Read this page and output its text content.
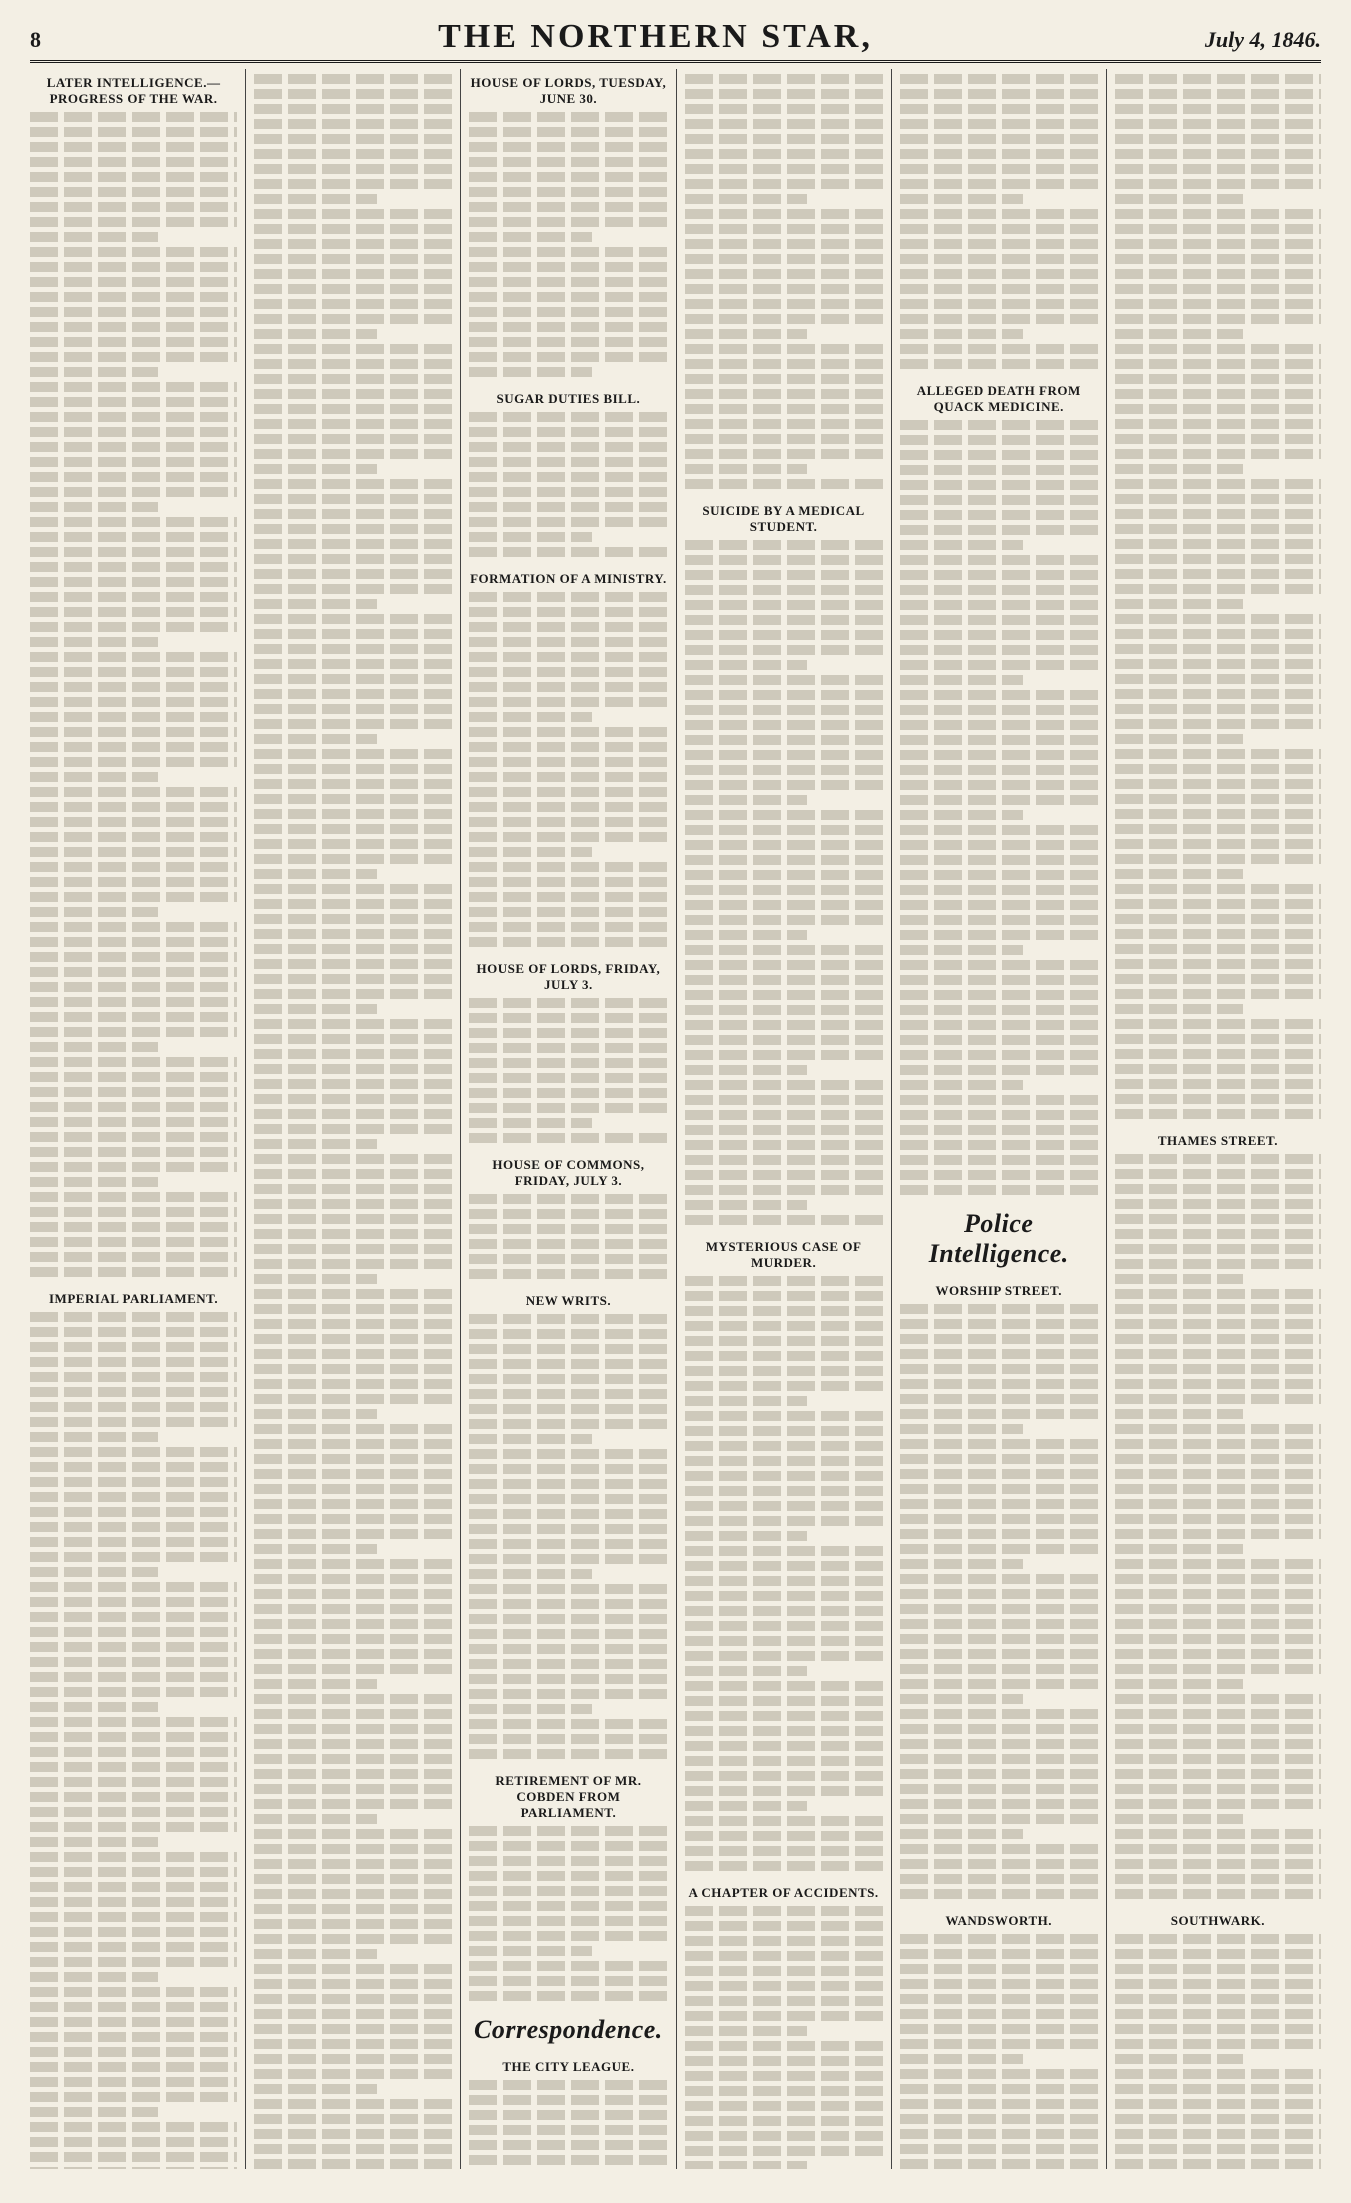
8	THE NORTHERN STAR,	July 4, 1846.
LATER INTELLIGENCE.—PROGRESS OF THE WAR.
IMPERIAL PARLIAMENT.
HOUSE OF LORDS, TUESDAY, JUNE 30.
SUGAR DUTIES BILL.
FORMATION OF A MINISTRY.
HOUSE OF LORDS, FRIDAY, JULY 3.
HOUSE OF COMMONS, FRIDAY, JULY 3.
NEW WRITS.
RETIREMENT OF MR. COBDEN FROM PARLIAMENT.
Correspondence.
THE CITY LEAGUE.
SUICIDE BY A MEDICAL STUDENT.
MYSTERIOUS CASE OF MURDER.
A CHAPTER OF ACCIDENTS.
ALLEGED DEATH FROM QUACK MEDICINE.
Police Intelligence.
WORSHIP STREET.
WANDSWORTH.
THAMES STREET.
SOUTHWARK.
